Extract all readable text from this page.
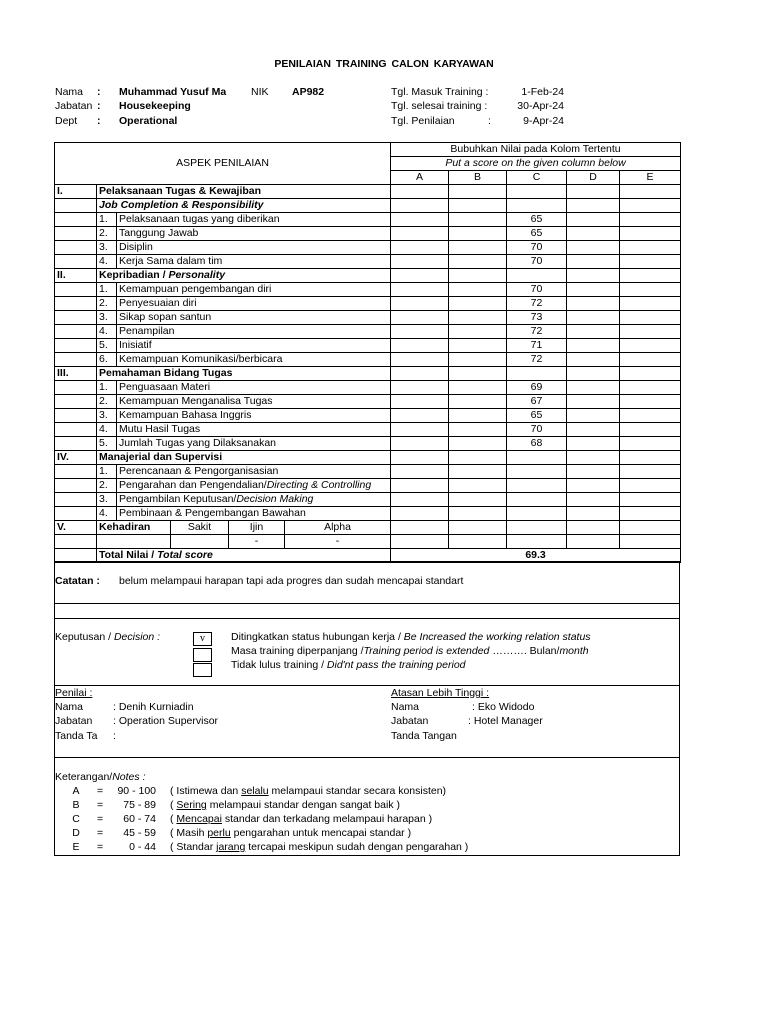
PENILAIAN TRAINING CALON KARYAWAN
Nama : Muhammad Yusuf Ma NIK AP982
Jabatan : Housekeeping
Dept : Operational
Tgl. Masuk Training :	1-Feb-24
Tgl. selesai training :	30-Apr-24
Tgl. Penilaian	:	9-Apr-24
ASPEK PENILAIAN						Bubuhkan Nilai pada Kolom Tertentu				
						Put a score on the given column below				
						A	B	C	D	E
I.	Pelaksanaan Tugas & Kewajiban									
	Job Completion & Responsibility									
	1.	Pelaksanaan tugas yang diberikan						65		
	2.	Tanggung Jawab						65		
	3.	Disiplin						70		
	4.	Kerja Sama dalam tim						70		
II.	Kepribadian / Personality									
	1.	Kemampuan pengembangan diri						70		
	2.	Penyesuaian diri						72		
	3.	Sikap sopan santun						73		
	4.	Penampilan						72		
	5.	Inisiatif						71		
	6.	Kemampuan Komunikasi/berbicara						72		
III.	Pemahaman Bidang Tugas									
	1.	Penguasaan Materi						69		
	2.	Kemampuan Menganalisa Tugas						67		
	3.	Kemampuan Bahasa Inggris						65		
	4.	Mutu Hasil Tugas						70		
	5.	Jumlah Tugas yang Dilaksanakan						68		
IV.	Manajerial dan Supervisi									
	1.	Perencanaan & Pengorganisasian								
	2.	Pengarahan dan Pengendalian/Directing & Controlling								
	3.	Pengambilan Keputusan/Decision Making								
	4.	Pembinaan & Pengembangan Bawahan								
V.	Kehadiran		Sakit	Ijin	Alpha					
				-	-					
	Total Nilai / Total score					69.3				
Catatan : belum melampaui harapan tapi ada progres dan sudah mencapai standart
Keputusan / Decision :	v	Ditingkatkan status hubungan kerja / Be Increased the working relation status
Masa training diperpanjang /Training period is extended ………. Bulan/month
Tidak lulus training / Did'nt pass the training period
Penilai :
Nama	: Denih Kurniadin
Jabatan : Operation Supervisor
Tanda Ta :
Atasan Lebih Tinggi :
Nama	: Eko Widodo
Jabatan	: Hotel Manager
Tanda Tangan
Keterangan/Notes :
A =	90 - 100 ( Istimewa dan selalu melampaui standar secara konsisten)
B =	75 - 89 ( Sering melampaui standar dengan sangat baik )
C =	60 - 74 ( Mencapai standar dan terkadang melampaui harapan )
D =	45 - 59 ( Masih perlu pengarahan untuk mencapai standar )
E =	0 - 44 ( Standar jarang tercapai meskipun sudah dengan pengarahan )
